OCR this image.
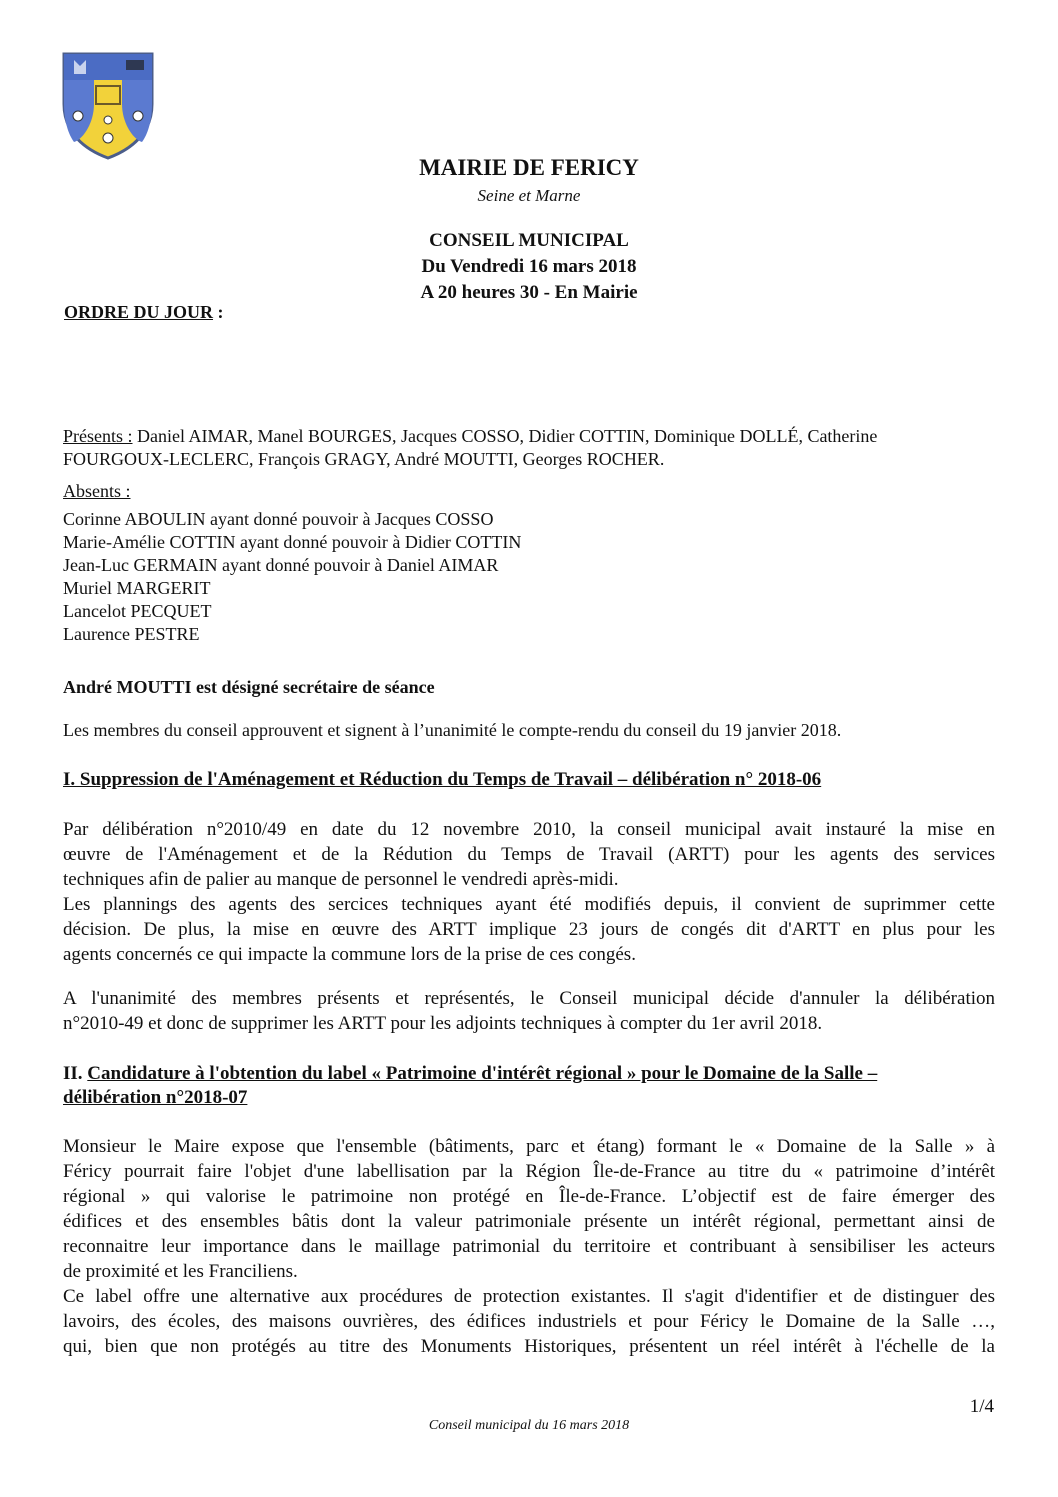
MAIRIE DE FERICY
Seine et Marne
CONSEIL MUNICIPAL
Du Vendredi 16 mars 2018
A 20 heures 30 - En Mairie
ORDRE DU JOUR :
Présents : Daniel AIMAR, Manel BOURGES, Jacques COSSO, Didier COTTIN, Dominique DOLLÉ, Catherine
FOURGOUX-LECLERC, François GRAGY, André MOUTTI, Georges ROCHER.
Absents :
Corinne ABOULIN ayant donné pouvoir à Jacques COSSO
Marie-Amélie COTTIN ayant donné pouvoir à Didier COTTIN
Jean-Luc GERMAIN ayant donné pouvoir à Daniel AIMAR
Muriel MARGERIT
Lancelot PECQUET
Laurence PESTRE
André MOUTTI est désigné secrétaire de séance
Les membres du conseil approuvent et signent à l’unanimité le compte-rendu du conseil du 19 janvier 2018.
I. Suppression de l'Aménagement et Réduction du Temps de Travail – délibération n° 2018-06
Par délibération n°2010/49 en date du 12 novembre 2010, la conseil municipal avait instauré la mise en
œuvre de l'Aménagement et de la Rédution du Temps de Travail (ARTT) pour les agents des services
techniques afin de palier au manque de personnel le vendredi après-midi.
Les plannings des agents des sercices techniques ayant été modifiés depuis, il convient de suprimmer cette
décision. De plus, la mise en œuvre des ARTT implique 23 jours de congés dit d'ARTT en plus pour les
agents concernés ce qui impacte la commune lors de la prise de ces congés.
A l'unanimité des membres présents et représentés, le Conseil municipal décide d'annuler la délibération
n°2010-49 et donc de supprimer les ARTT pour les adjoints techniques à compter du 1er avril 2018.
II. Candidature à l'obtention du label « Patrimoine d'intérêt régional » pour le Domaine de la Salle –
délibération n°2018-07
Monsieur le Maire expose que l'ensemble (bâtiments, parc et étang) formant le « Domaine de la Salle » à
Féricy pourrait faire l'objet d'une labellisation par la Région Île-de-France au titre du « patrimoine d’intérêt
régional » qui valorise le patrimoine non protégé en Île-de-France. L’objectif est de faire émerger des
édifices et des ensembles bâtis dont la valeur patrimoniale présente un intérêt régional, permettant ainsi de
reconnaitre leur importance dans le maillage patrimonial du territoire et contribuant à sensibiliser les acteurs
de proximité et les Franciliens.
Ce label offre une alternative aux procédures de protection existantes. Il s'agit d'identifier et de distinguer des
lavoirs, des écoles, des maisons ouvrières, des édifices industriels et pour Féricy le Domaine de la Salle …,
qui, bien que non protégés au titre des Monuments Historiques, présentent un réel intérêt à l'échelle de la
1/4
Conseil municipal du 16 mars 2018
